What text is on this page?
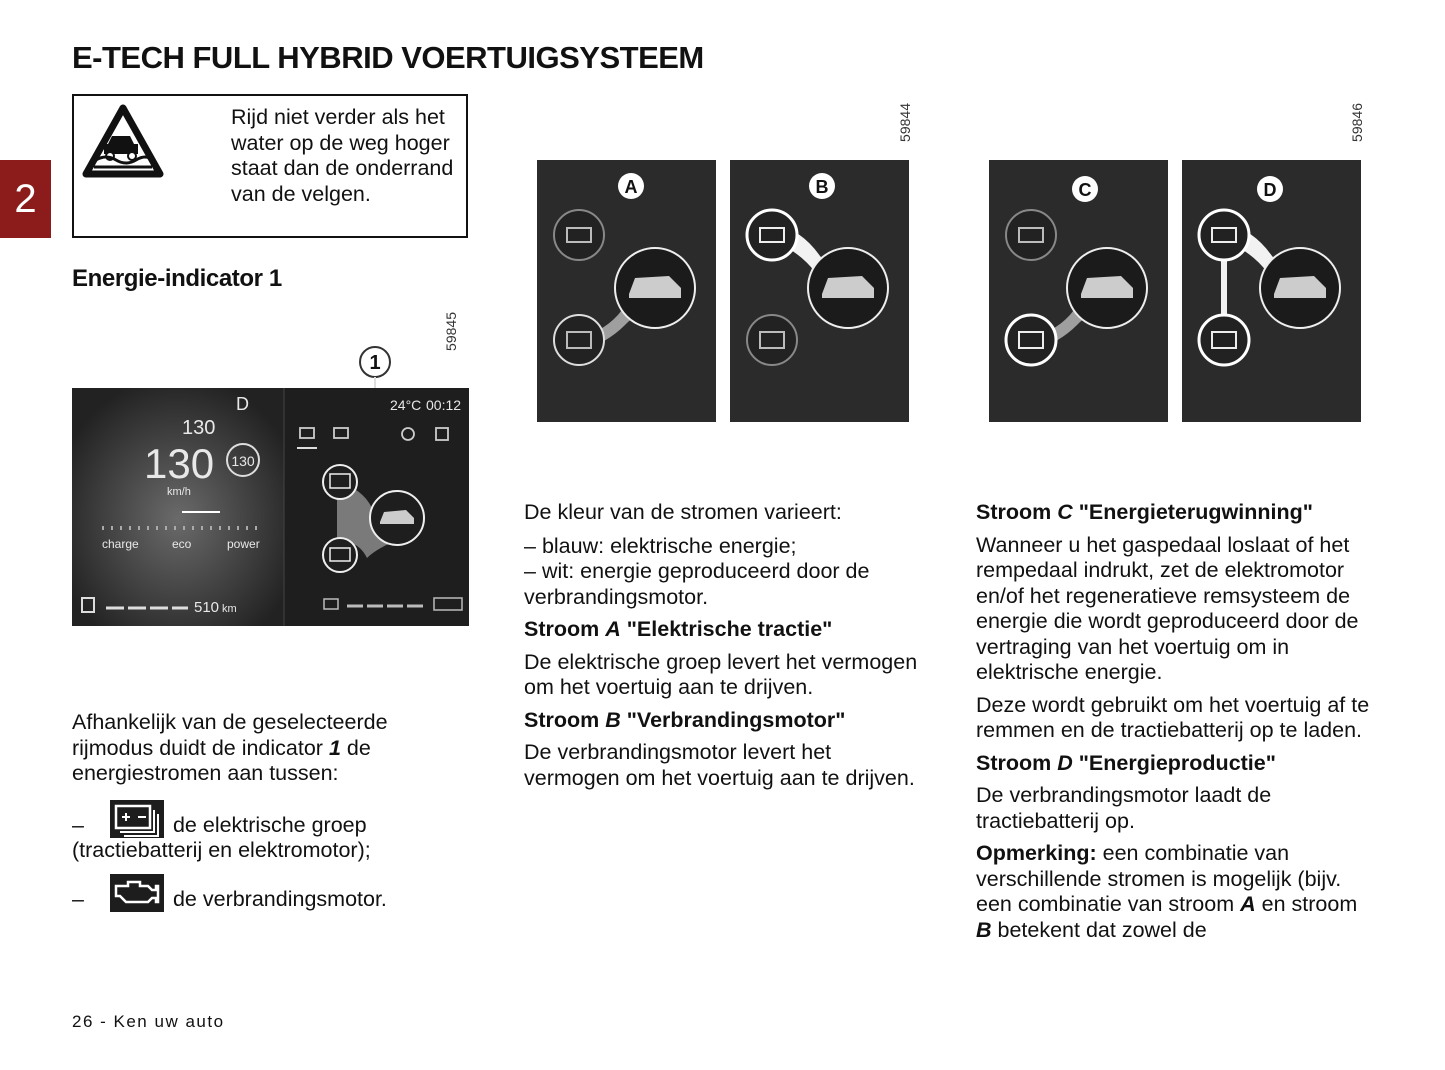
E-TECH FULL HYBRID VOERTUIGSYSTEEM
2
Rijd niet verder als het water op de weg hoger staat dan de onderrand van de velgen.
Energie-indicator 1
59845
1
D
130
130 130
km/h
charge	eco	power
510 km
24°C 00:12
59844	59846
A	B	C	D
Afhankelijk van de geselecteerde
rijmodus duidt de indicator 1 de
energiestromen aan tussen:
–	de elektrische groep
(tractiebatterij en elektromotor);
–	de verbrandingsmotor.
De kleur van de stromen varieert:
– blauw: elektrische energie;
– wit: energie geproduceerd door de
verbrandingsmotor.
Stroom A "Elektrische tractie"
De elektrische groep levert het vermogen om het voertuig aan te drijven.
Stroom B "Verbrandingsmotor"
De verbrandingsmotor levert het vermogen om het voertuig aan te drijven.
Stroom C "Energieterugwinning"
Wanneer u het gaspedaal loslaat of het rempedaal indrukt, zet de elektromotor en/of het regeneratieve remsysteem de energie die wordt geproduceerd door de vertraging van het voertuig om in elektrische energie.
Deze wordt gebruikt om het voertuig af te remmen en de tractiebatterij op te laden.
Stroom D "Energieproductie"
De verbrandingsmotor laadt de tractiebatterij op.
Opmerking: een combinatie van verschillende stromen is mogelijk (bijv. een combinatie van stroom A en stroom B betekent dat zowel de
26 - Ken uw auto
